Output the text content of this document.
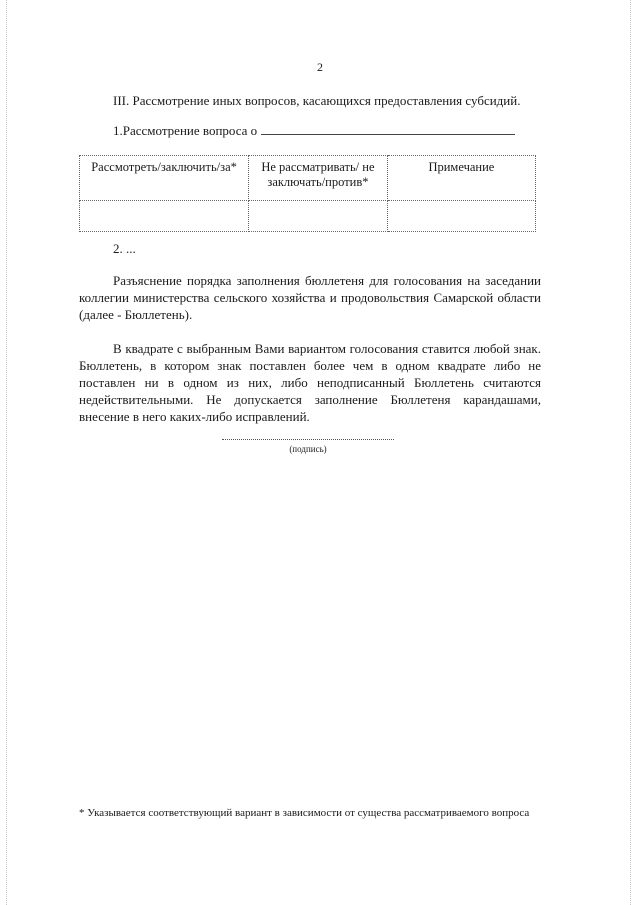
2
III. Рассмотрение иных вопросов, касающихся предоставления субсидий.
1.Рассмотрение вопроса о
Рассмотреть/заключить/за*	Не рассматривать/ не заключать/против*	Примечание

2. ...

Разъяснение порядка заполнения бюллетеня для голосования на заседании коллегии министерства сельского хозяйства и продовольствия Самарской области (далее - Бюллетень).

В квадрате с выбранным Вами вариантом голосования ставится любой знак. Бюллетень, в котором знак поставлен более чем в одном квадрате либо не поставлен ни в одном из них, либо неподписанный Бюллетень считаются недействительными. Не допускается заполнение Бюллетеня карандашами, внесение в него каких-либо исправлений.

(подпись)

* Указывается соответствующий вариант в зависимости от существа рассматриваемого вопроса
